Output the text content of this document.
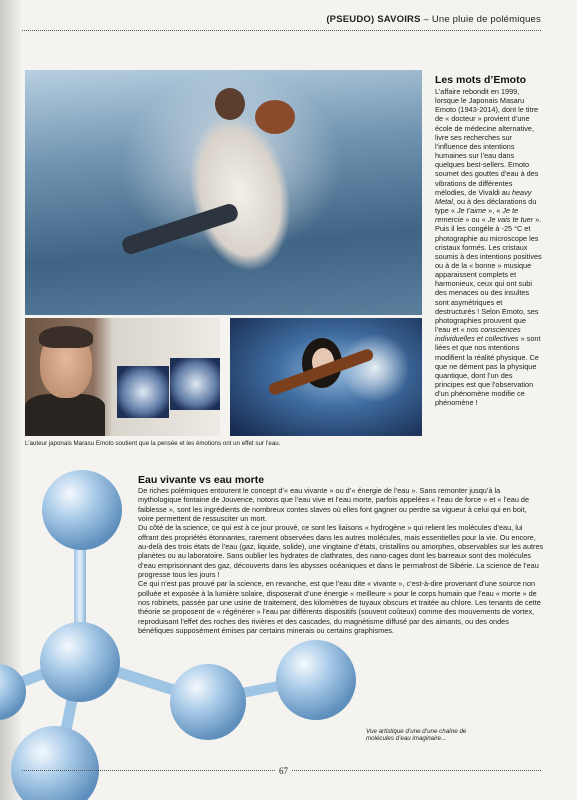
(PSEUDO) SAVOIRS – Une pluie de polémiques
L’auteur japonais Marasu Emoto soutient que la pensée et les émotions ont un effet sur l’eau.
Les mots d’Emoto

L’affaire rebondit en 1999, lorsque le Japonais Masaru Emoto (1943-2014), dont le titre de « docteur » provient d’une école de médecine alternative, livre ses recherches sur l’influence des intentions humaines sur l’eau dans quelques best-sellers. Emoto soumet des gouttes d’eau à des vibrations de différentes mélodies, de Vivaldi au heavy Metal, ou à des déclarations du type « Je t’aime », « Je te remercie » ou « Je vais te tuer ». Puis il les congèle à -25 °C et photographie au microscope les cristaux formés. Les cristaux soumis à des intentions positives ou à de la « bonne » musique apparaissent complets et harmonieux, ceux qui ont subi des menaces ou des insultes sont asymétriques et destructurés ! Selon Emoto, ses photographies prouvent que l’eau et « nos consciences individuelles et collectives » sont liées et que nos intentions modifient la réalité physique. Ce que ne dément pas la physique quantique, dont l’un des principes est que l’observation d’un phénomène modifie ce phénomène !

Eau vivante vs eau morte

De riches polémiques entourent le concept d’« eau vivante » ou d’« énergie de l’eau ». Sans remonter jusqu’à la mythologique fontaine de Jouvence, notons que l’eau vive et l’eau morte, parfois appelées « l’eau de force » et « l’eau de faiblesse », sont les ingrédients de nombreux contes slaves où elles font gagner ou perdre sa vigueur à celui qui en boit, voire permettent de ressusciter un mort.

Du côté de la science, ce qui est à ce jour prouvé, ce sont les liaisons « hydrogène » qui relient les molécules d’eau, lui offrant des propriétés étonnantes, rarement observées dans les autres molécules, mais essentielles pour la vie. Ou encore, au-delà des trois états de l’eau (gaz, liquide, solide), une vingtaine d’états, cristallins ou amorphes, observables sur les autres planètes ou au laboratoire. Sans oublier les hydrates de clathrates, des nano-cages dont les barreaux sont des molécules d’eau emprisonnant des gaz, découverts dans les abysses océaniques et dans le permafrost de Sibérie. La science de l’eau progresse tous les jours !

Ce qui n’est pas prouvé par la science, en revanche, est que l’eau dite « vivante », c’est-à-dire provenant d’une source non polluée et exposée à la lumière solaire, disposerait d’une énergie « meilleure » pour le corps humain que l’eau « morte » de nos robinets, passée par une usine de traitement, des kilomètres de tuyaux obscurs et traitée au chlore. Les tenants de cette théorie se proposent de « régénérer » l’eau par différents dispositifs (souvent coûteux) comme des mouvements de vortex, reproduisant l’effet des roches des rivières et des cascades, du magnétisme diffusé par des aimants, ou des ondes bénéfiques supposément émises par certains minerais ou certains graphismes.

Vue artistique d’une d’une chaîne de molécules d’eau imaginaire...
67
